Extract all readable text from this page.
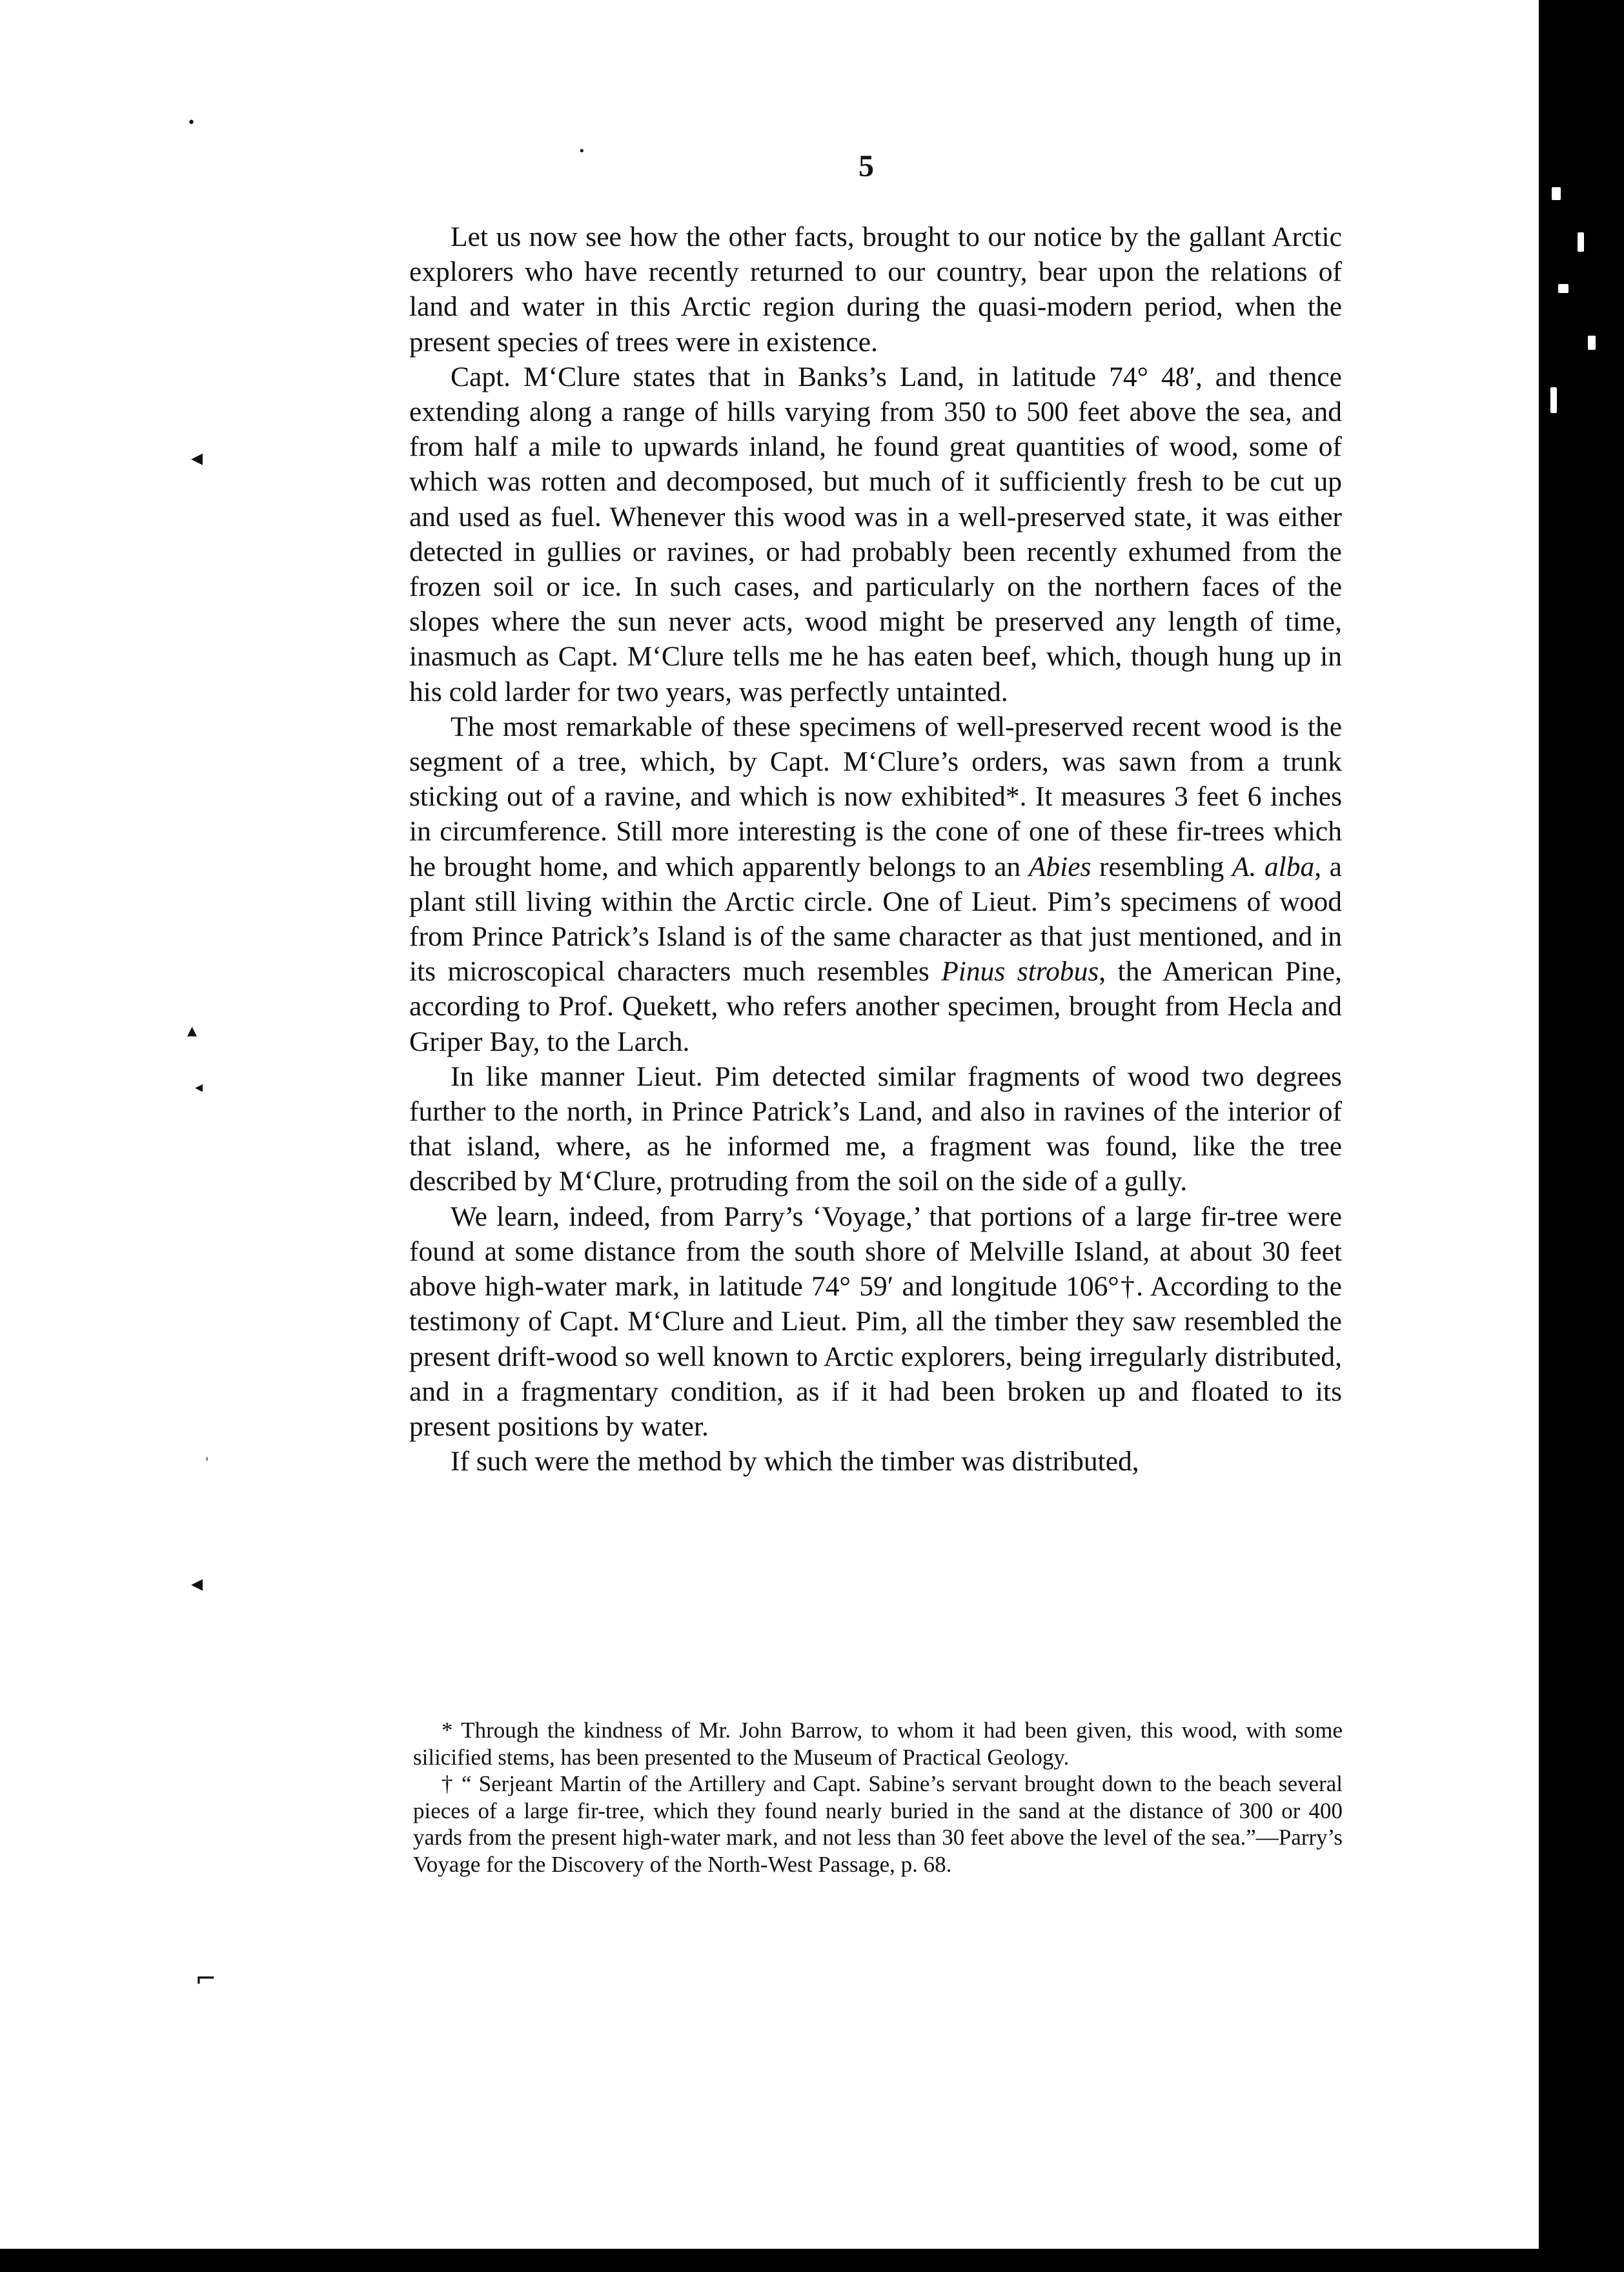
5

Let us now see how the other facts, brought to our notice by the gallant Arctic explorers who have recently returned to our country, bear upon the relations of land and water in this Arctic region during the quasi-modern period, when the present species of trees were in existence.

Capt. M‘Clure states that in Banks’s Land, in latitude 74° 48′, and thence extending along a range of hills varying from 350 to 500 feet above the sea, and from half a mile to upwards inland, he found great quantities of wood, some of which was rotten and decomposed, but much of it sufficiently fresh to be cut up and used as fuel. Whenever this wood was in a well-preserved state, it was either detected in gullies or ravines, or had probably been recently exhumed from the frozen soil or ice. In such cases, and particularly on the northern faces of the slopes where the sun never acts, wood might be preserved any length of time, inasmuch as Capt. M‘Clure tells me he has eaten beef, which, though hung up in his cold larder for two years, was perfectly untainted.

The most remarkable of these specimens of well-preserved recent wood is the segment of a tree, which, by Capt. M‘Clure’s orders, was sawn from a trunk sticking out of a ravine, and which is now exhibited*. It measures 3 feet 6 inches in circumference. Still more interesting is the cone of one of these fir-trees which he brought home, and which apparently belongs to an Abies resembling A. alba, a plant still living within the Arctic circle. One of Lieut. Pim’s specimens of wood from Prince Patrick’s Island is of the same character as that just mentioned, and in its microscopical characters much resembles Pinus strobus, the American Pine, according to Prof. Quekett, who refers another specimen, brought from Hecla and Griper Bay, to the Larch.

In like manner Lieut. Pim detected similar fragments of wood two degrees further to the north, in Prince Patrick’s Land, and also in ravines of the interior of that island, where, as he informed me, a fragment was found, like the tree described by M‘Clure, protruding from the soil on the side of a gully.

We learn, indeed, from Parry’s ‘Voyage,’ that portions of a large fir-tree were found at some distance from the south shore of Melville Island, at about 30 feet above high-water mark, in latitude 74° 59′ and longitude 106°†. According to the testimony of Capt. M‘Clure and Lieut. Pim, all the timber they saw resembled the present drift-wood so well known to Arctic explorers, being irregularly distributed, and in a fragmentary condition, as if it had been broken up and floated to its present positions by water.

If such were the method by which the timber was distributed,

* Through the kindness of Mr. John Barrow, to whom it had been given, this wood, with some silicified stems, has been presented to the Museum of Practical Geology.

† “ Serjeant Martin of the Artillery and Capt. Sabine’s servant brought down to the beach several pieces of a large fir-tree, which they found nearly buried in the sand at the distance of 300 or 400 yards from the present high-water mark, and not less than 30 feet above the level of the sea.”—Parry’s Voyage for the Discovery of the North-West Passage, p. 68.

•
•
◂
▴
◂
ˈ
◂
⌐
